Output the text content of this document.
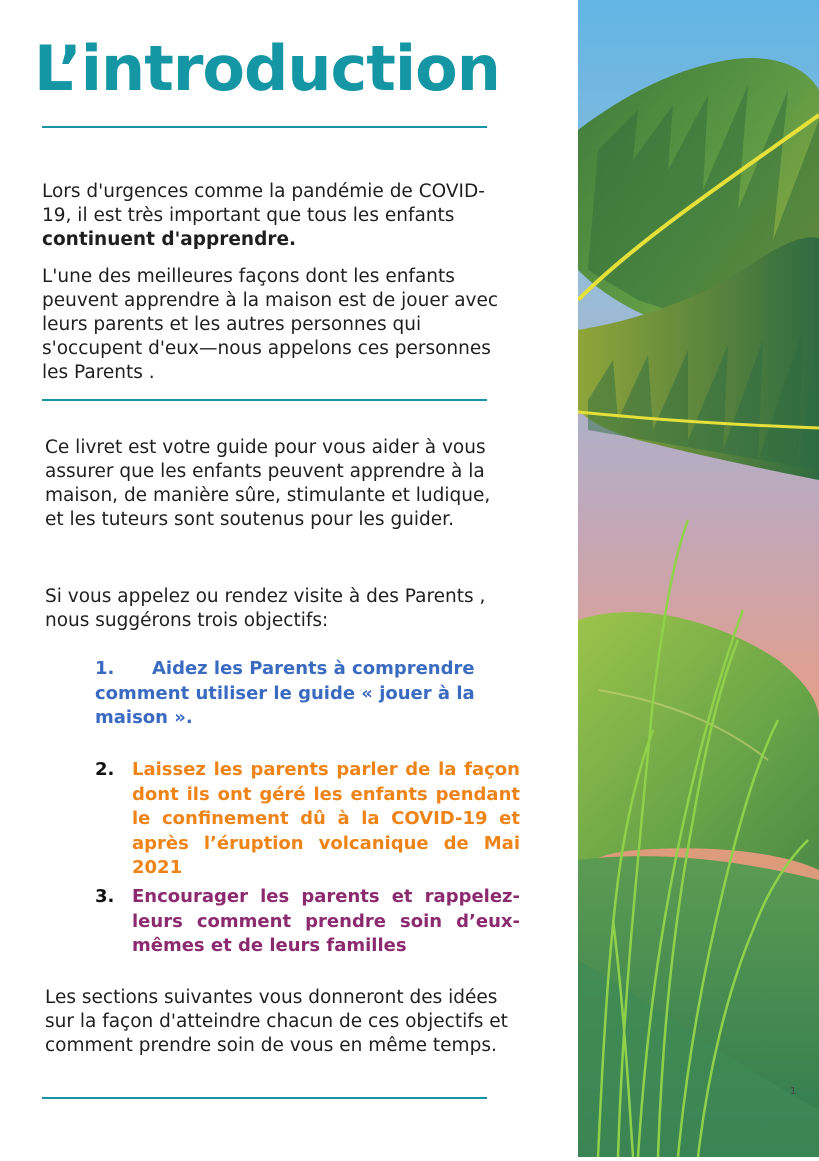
L’introduction

Lors d'urgences comme la pandémie de COVID-19, il est très important que tous les enfants continuent d'apprendre.

L'une des meilleures façons dont les enfants peuvent apprendre à la maison est de jouer avec leurs parents et les autres personnes qui s'occupent d'eux—nous appelons ces personnes les Parents .

Ce livret est votre guide pour vous aider à vous assurer que les enfants peuvent apprendre à la maison, de manière sûre, stimulante et ludique, et les tuteurs sont soutenus pour les guider.

Si vous appelez ou rendez visite à des Parents , nous suggérons trois objectifs:

1. Aidez les Parents à comprendre comment utiliser le guide « jouer à la maison ».

2. Laissez les parents parler de la façon dont ils ont géré les enfants pendant le confinement dû à la COVID-19 et après l’éruption volcanique de Mai 2021

3. Encourager les parents et rappelez- leurs comment prendre soin d’eux-mêmes et de leurs familles

Les sections suivantes vous donneront des idées sur la façon d'atteindre chacun de ces objectifs et comment prendre soin de vous en même temps.

1
